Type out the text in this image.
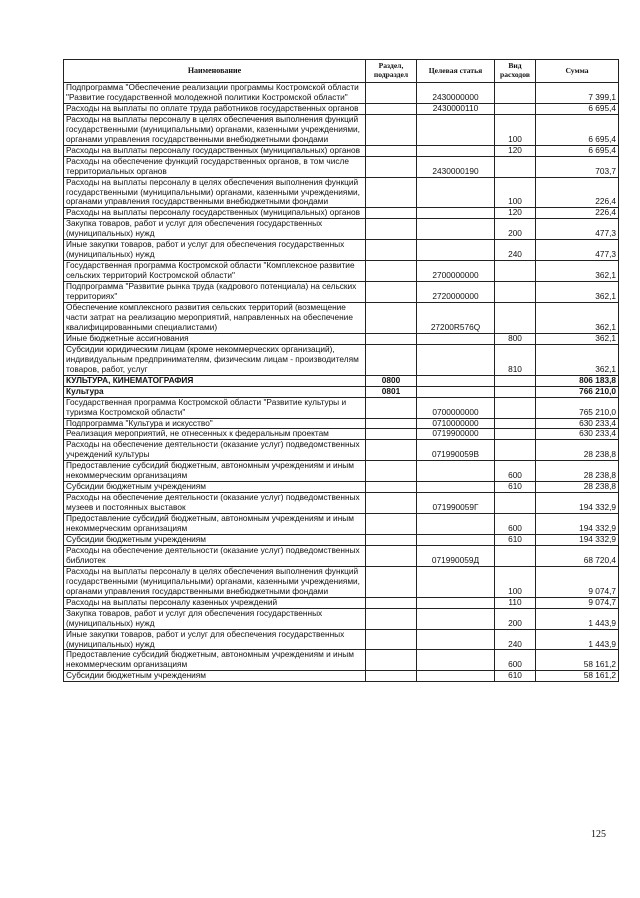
Наименование	Раздел, подраздел	Целевая статья	Вид расходов	Сумма
Подпрограмма "Обеспечение реализации программы Костромской области "Развитие государственной молодежной политики Костромской области"		2430000000		7 399,1
Расходы на выплаты по оплате труда работников государственных органов		2430000110		6 695,4
Расходы на выплаты персоналу в целях обеспечения выполнения функций государственными (муниципальными) органами, казенными учреждениями, органами управления государственными внебюджетными фондами			100	6 695,4
Расходы на выплаты персоналу государственных (муниципальных) органов			120	6 695,4
Расходы на обеспечение функций государственных органов, в том числе территориальных органов		2430000190		703,7
Расходы на выплаты персоналу в целях обеспечения выполнения функций государственными (муниципальными) органами, казенными учреждениями, органами управления государственными внебюджетными фондами			100	226,4
Расходы на выплаты персоналу государственных (муниципальных) органов			120	226,4
Закупка товаров, работ и услуг для обеспечения государственных (муниципальных) нужд			200	477,3
Иные закупки товаров, работ и услуг для обеспечения государственных (муниципальных) нужд			240	477,3
Государственная программа Костромской области "Комплексное развитие сельских территорий Костромской области"		2700000000		362,1
Подпрограмма "Развитие рынка труда (кадрового потенциала) на сельских территориях"		2720000000		362,1
Обеспечение комплексного развития сельских территорий (возмещение части затрат на реализацию мероприятий, направленных на обеспечение квалифицированными специалистами)		27200R576Q		362,1
Иные бюджетные ассигнования			800	362,1
Субсидии юридическим лицам (кроме некоммерческих организаций), индивидуальным предпринимателям, физическим лицам - производителям товаров, работ, услуг			810	362,1
КУЛЬТУРА, КИНЕМАТОГРАФИЯ	0800			806 183,8
Культура	0801			766 210,0
Государственная программа Костромской области "Развитие культуры и туризма Костромской области"		0700000000		765 210,0
Подпрограмма "Культура и искусство"		0710000000		630 233,4
Реализация мероприятий, не отнесенных к федеральным проектам		0719900000		630 233,4
Расходы на обеспечение деятельности (оказание услуг) подведомственных учреждений культуры		071990059В		28 238,8
Предоставление субсидий бюджетным, автономным учреждениям и иным некоммерческим организациям			600	28 238,8
Субсидии бюджетным учреждениям			610	28 238,8
Расходы на обеспечение деятельности (оказание услуг) подведомственных музеев и постоянных выставок		071990059Г		194 332,9
Предоставление субсидий бюджетным, автономным учреждениям и иным некоммерческим организациям			600	194 332,9
Субсидии бюджетным учреждениям			610	194 332,9
Расходы на обеспечение деятельности (оказание услуг) подведомственных библиотек		071990059Д		68 720,4
Расходы на выплаты персоналу в целях обеспечения выполнения функций государственными (муниципальными) органами, казенными учреждениями, органами управления государственными внебюджетными фондами			100	9 074,7
Расходы на выплаты персоналу казенных учреждений			110	9 074,7
Закупка товаров, работ и услуг для обеспечения государственных (муниципальных) нужд			200	1 443,9
Иные закупки товаров, работ и услуг для обеспечения государственных (муниципальных) нужд			240	1 443,9
Предоставление субсидий бюджетным, автономным учреждениям и иным некоммерческим организациям			600	58 161,2
Субсидии бюджетным учреждениям			610	58 161,2
125
